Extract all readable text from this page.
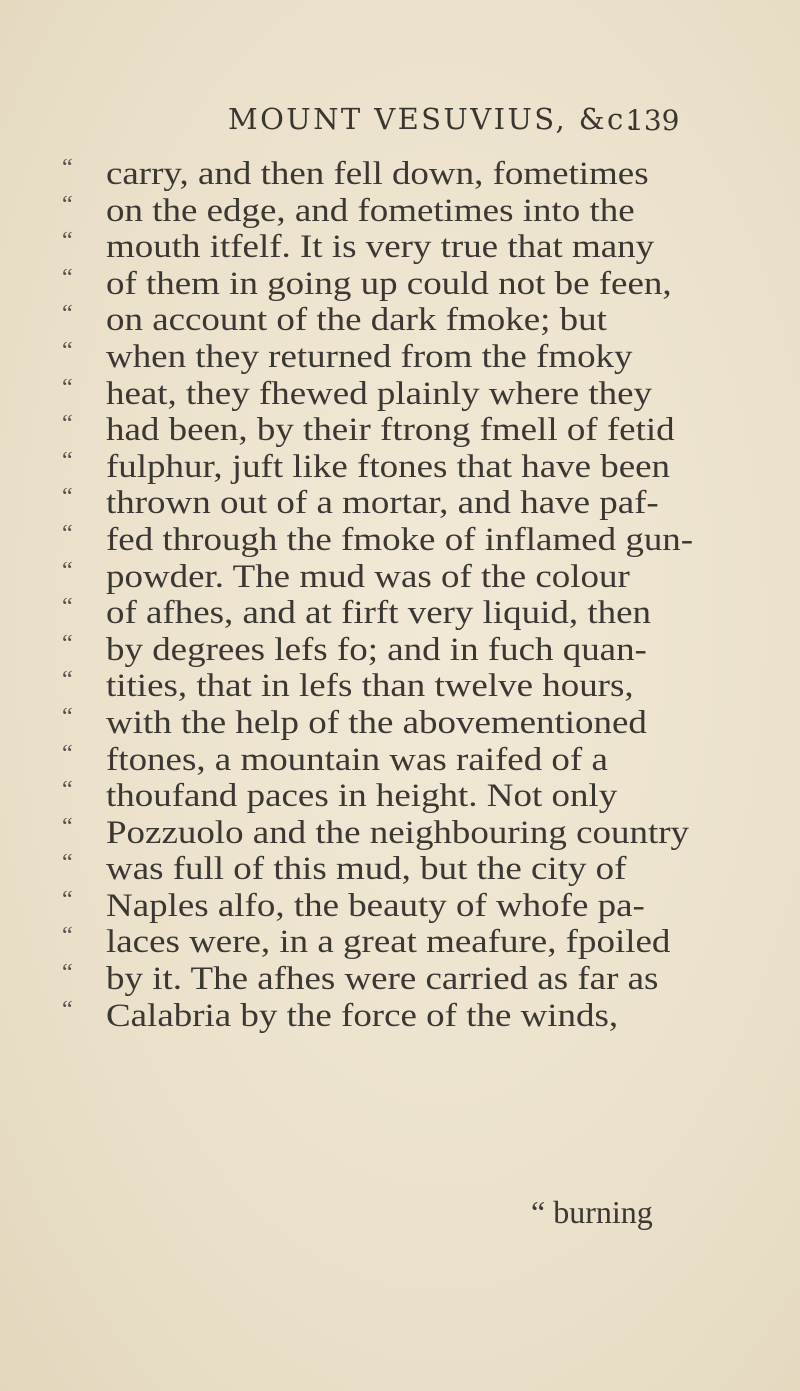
MOUNT VESUVIUS, &c.
139
“ carry, and then fell down, fometimes
“ on the edge, and fometimes into the
“ mouth itfelf. It is very true that many
“ of them in going up could not be feen,
“ on account of the dark fmoke; but
“ when they returned from the fmoky
“ heat, they fhewed plainly where they
“ had been, by their ftrong fmell of fetid
“ fulphur, juft like ftones that have been
“ thrown out of a mortar, and have paf-
“ fed through the fmoke of inflamed gun-
“ powder. The mud was of the colour
“ of afhes, and at firft very liquid, then
“ by degrees lefs fo; and in fuch quan-
“ tities, that in lefs than twelve hours,
“ with the help of the abovementioned
“ ftones, a mountain was raifed of a
“ thoufand paces in height. Not only
“ Pozzuolo and the neighbouring country
“ was full of this mud, but the city of
“ Naples alfo, the beauty of whofe pa-
“ laces were, in a great meafure, fpoiled
“ by it. The afhes were carried as far as
“ Calabria by the force of the winds,
“ burning
